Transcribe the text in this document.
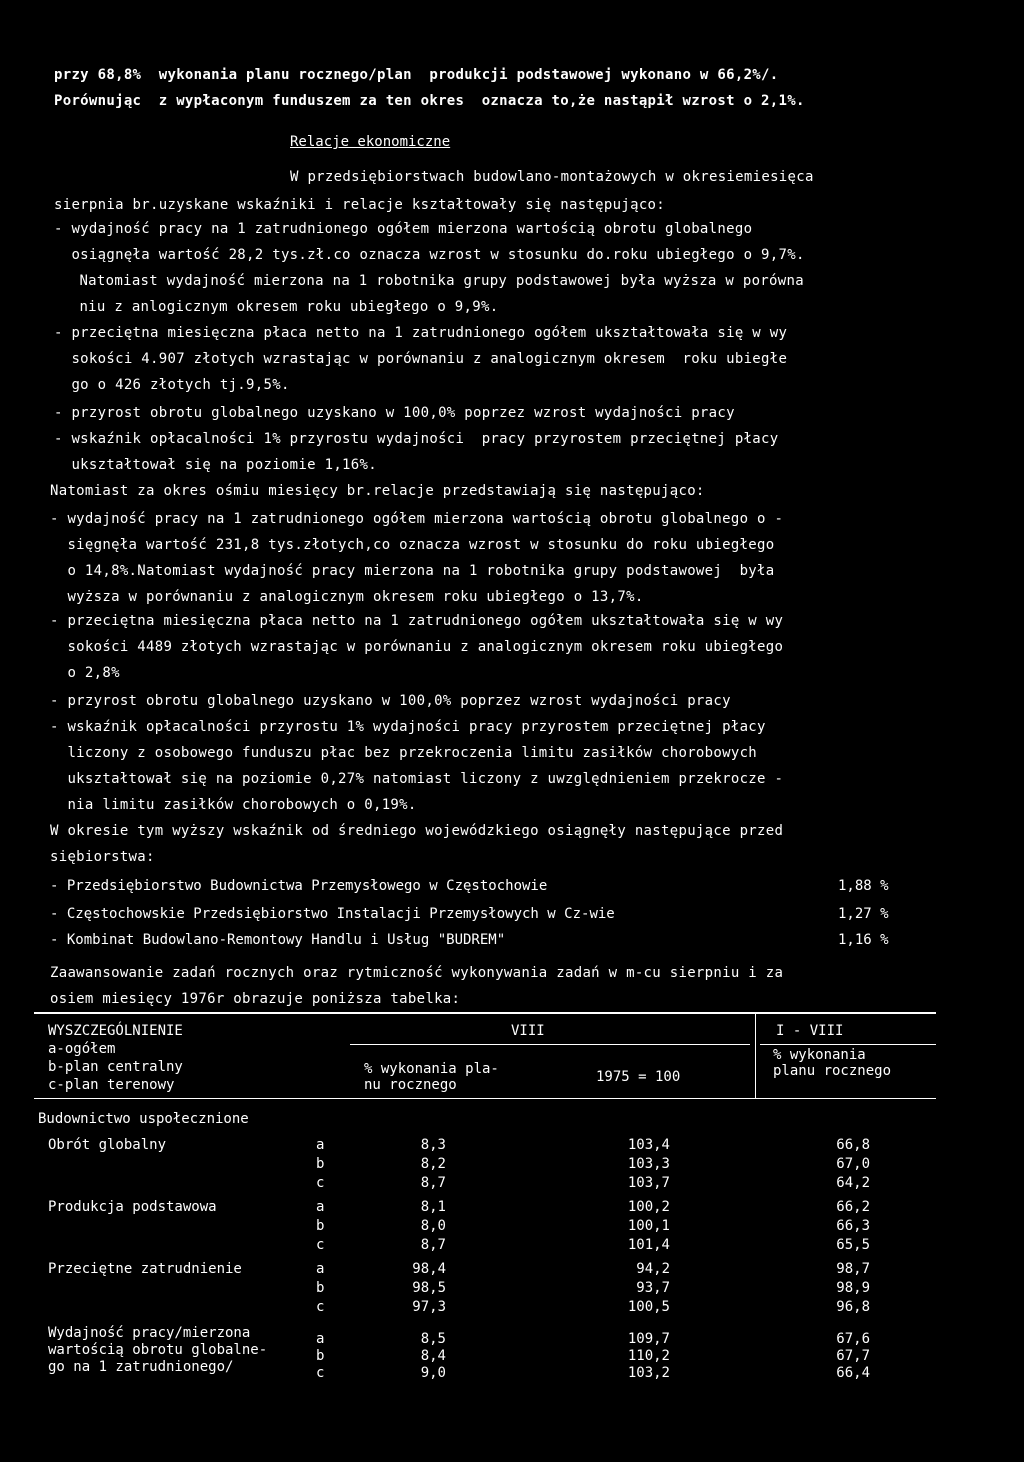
przy 68,8%  wykonania planu rocznego/plan  produkcji podstawowej wykonano w 66,2%/.
Porównując  z wypłaconym funduszem za ten okres  oznacza to,że nastąpił wzrost o 2,1%.
Relacje ekonomiczne
W przedsiębiorstwach budowlano-montażowych w okresiemiesięca
sierpnia br.uzyskane wskaźniki i relacje kształtowały się następująco:
- wydajność pracy na 1 zatrudnionego ogółem mierzona wartością obrotu globalnego
osiągnęła wartość 28,2 tys.zł.co oznacza wzrost w stosunku do.roku ubiegłego o 9,7%.
Natomiast wydajność mierzona na 1 robotnika grupy podstawowej była wyższa w porówna
niu z anlogicznym okresem roku ubiegłego o 9,9%.
- przeciętna miesięczna płaca netto na 1 zatrudnionego ogółem ukształtowała się w wy
sokości 4.907 złotych wzrastając w porównaniu z analogicznym okresem  roku ubiegłe
go o 426 złotych tj.9,5%.
- przyrost obrotu globalnego uzyskano w 100,0% poprzez wzrost wydajności pracy
- wskaźnik opłacalności 1% przyrostu wydajności  pracy przyrostem przeciętnej płacy
ukształtował się na poziomie 1,16%.
Natomiast za okres ośmiu miesięcy br.relacje przedstawiają się następująco:
- wydajność pracy na 1 zatrudnionego ogółem mierzona wartością obrotu globalnego o -
sięgnęła wartość 231,8 tys.złotych,co oznacza wzrost w stosunku do roku ubiegłego
o 14,8%.Natomiast wydajność pracy mierzona na 1 robotnika grupy podstawowej  była
wyższa w porównaniu z analogicznym okresem roku ubiegłego o 13,7%.
- przeciętna miesięczna płaca netto na 1 zatrudnionego ogółem ukształtowała się w wy
sokości 4489 złotych wzrastając w porównaniu z analogicznym okresem roku ubiegłego
o 2,8%
- przyrost obrotu globalnego uzyskano w 100,0% poprzez wzrost wydajności pracy
- wskaźnik opłacalności przyrostu 1% wydajności pracy przyrostem przeciętnej płacy
liczony z osobowego funduszu płac bez przekroczenia limitu zasiłków chorobowych
ukształtował się na poziomie 0,27% natomiast liczony z uwzględnieniem przekrocze -
nia limitu zasiłków chorobowych o 0,19%.
W okresie tym wyższy wskaźnik od średniego wojewódzkiego osiągnęły następujące przed
siębiorstwa:
- Przedsiębiorstwo Budownictwa Przemysłowego w Częstochowie	1,88 %
- Częstochowskie Przedsiębiorstwo Instalacji Przemysłowych w Cz-wie	1,27 %
- Kombinat Budowlano-Remontowy Handlu i Usług "BUDREM"	1,16 %
Zaawansowanie zadań rocznych oraz rytmiczność wykonywania zadań w m-cu sierpniu i za
osiem miesięcy 1976r obrazuje poniższa tabelka:
WYSZCZEGÓLNIENIE
a-ogółem
b-plan centralny
c-plan terenowy
VIII
% wykonania pla-
nu rocznego	1975 = 100
I - VIII
% wykonania
planu rocznego
Budownictwo uspołecznione
Obrót globalny	a	8,3	103,4	66,8
b	8,2	103,3	67,0
c	8,7	103,7	64,2
Produkcja podstawowa	a	8,1	100,2	66,2
b	8,0	100,1	66,3
c	8,7	101,4	65,5
Przeciętne zatrudnienie	a	98,4	94,2	98,7
b	98,5	93,7	98,9
c	97,3	100,5	96,8
Wydajność pracy/mierzona
wartością obrotu globalne-
go na 1 zatrudnionego/
a	8,5	109,7	67,6
b	8,4	110,2	67,7
c	9,0	103,2	66,4
